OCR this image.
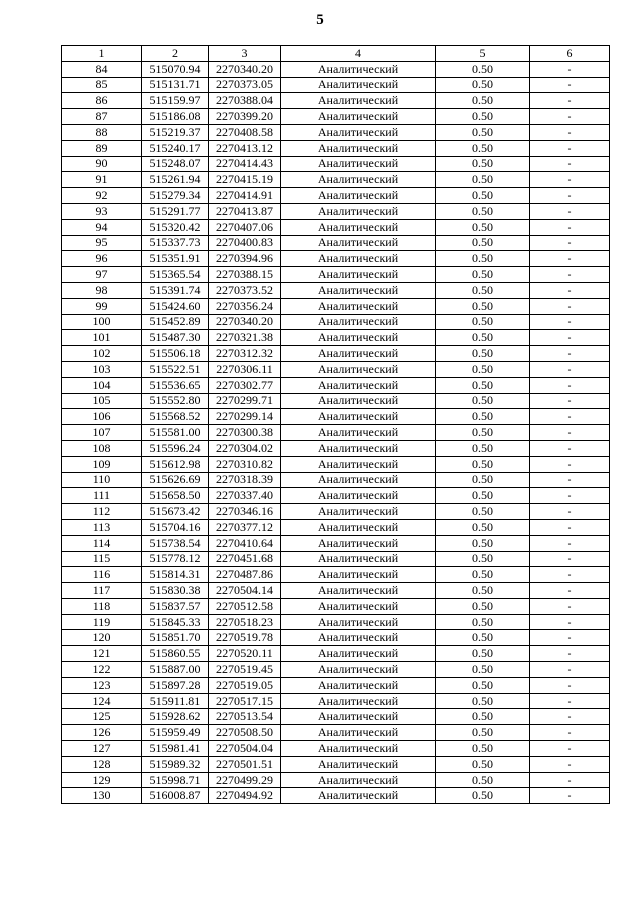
5
1	2	3	4	5	6
84	515070.94	2270340.20	Аналитический	0.50	-
85	515131.71	2270373.05	Аналитический	0.50	-
86	515159.97	2270388.04	Аналитический	0.50	-
87	515186.08	2270399.20	Аналитический	0.50	-
88	515219.37	2270408.58	Аналитический	0.50	-
89	515240.17	2270413.12	Аналитический	0.50	-
90	515248.07	2270414.43	Аналитический	0.50	-
91	515261.94	2270415.19	Аналитический	0.50	-
92	515279.34	2270414.91	Аналитический	0.50	-
93	515291.77	2270413.87	Аналитический	0.50	-
94	515320.42	2270407.06	Аналитический	0.50	-
95	515337.73	2270400.83	Аналитический	0.50	-
96	515351.91	2270394.96	Аналитический	0.50	-
97	515365.54	2270388.15	Аналитический	0.50	-
98	515391.74	2270373.52	Аналитический	0.50	-
99	515424.60	2270356.24	Аналитический	0.50	-
100	515452.89	2270340.20	Аналитический	0.50	-
101	515487.30	2270321.38	Аналитический	0.50	-
102	515506.18	2270312.32	Аналитический	0.50	-
103	515522.51	2270306.11	Аналитический	0.50	-
104	515536.65	2270302.77	Аналитический	0.50	-
105	515552.80	2270299.71	Аналитический	0.50	-
106	515568.52	2270299.14	Аналитический	0.50	-
107	515581.00	2270300.38	Аналитический	0.50	-
108	515596.24	2270304.02	Аналитический	0.50	-
109	515612.98	2270310.82	Аналитический	0.50	-
110	515626.69	2270318.39	Аналитический	0.50	-
111	515658.50	2270337.40	Аналитический	0.50	-
112	515673.42	2270346.16	Аналитический	0.50	-
113	515704.16	2270377.12	Аналитический	0.50	-
114	515738.54	2270410.64	Аналитический	0.50	-
115	515778.12	2270451.68	Аналитический	0.50	-
116	515814.31	2270487.86	Аналитический	0.50	-
117	515830.38	2270504.14	Аналитический	0.50	-
118	515837.57	2270512.58	Аналитический	0.50	-
119	515845.33	2270518.23	Аналитический	0.50	-
120	515851.70	2270519.78	Аналитический	0.50	-
121	515860.55	2270520.11	Аналитический	0.50	-
122	515887.00	2270519.45	Аналитический	0.50	-
123	515897.28	2270519.05	Аналитический	0.50	-
124	515911.81	2270517.15	Аналитический	0.50	-
125	515928.62	2270513.54	Аналитический	0.50	-
126	515959.49	2270508.50	Аналитический	0.50	-
127	515981.41	2270504.04	Аналитический	0.50	-
128	515989.32	2270501.51	Аналитический	0.50	-
129	515998.71	2270499.29	Аналитический	0.50	-
130	516008.87	2270494.92	Аналитический	0.50	-
